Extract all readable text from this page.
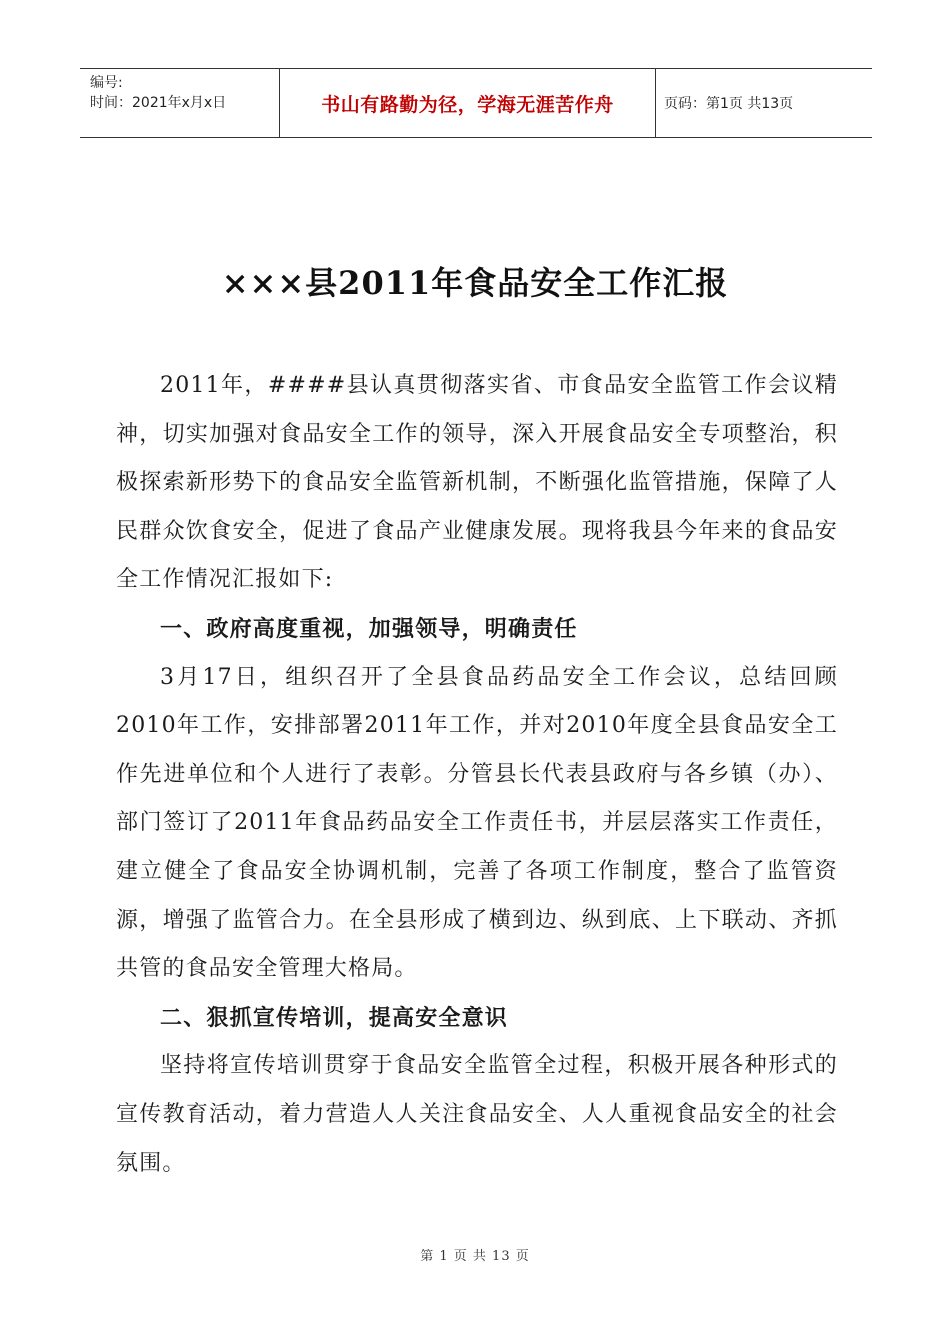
编号:
时间：2021年x月x日	书山有路勤为径，学海无涯苦作舟	页码：第1页 共13页
×××县2011年食品安全工作汇报

2011年，####县认真贯彻落实省、市食品安全监管工作会议精神，切实加强对食品安全工作的领导，深入开展食品安全专项整治，积极探索新形势下的食品安全监管新机制，不断强化监管措施，保障了人民群众饮食安全，促进了食品产业健康发展。现将我县今年来的食品安全工作情况汇报如下:

一、政府高度重视，加强领导，明确责任

3月17日，组织召开了全县食品药品安全工作会议，总结回顾2010年工作，安排部署2011年工作，并对2010年度全县食品安全工作先进单位和个人进行了表彰。分管县长代表县政府与各乡镇（办）、部门签订了2011年食品药品安全工作责任书，并层层落实工作责任，建立健全了食品安全协调机制，完善了各项工作制度，整合了监管资源，增强了监管合力。在全县形成了横到边、纵到底、上下联动、齐抓共管的食品安全管理大格局。

二、狠抓宣传培训，提高安全意识

坚持将宣传培训贯穿于食品安全监管全过程，积极开展各种形式的宣传教育活动，着力营造人人关注食品安全、人人重视食品安全的社会氛围。

第 1 页 共 13 页
